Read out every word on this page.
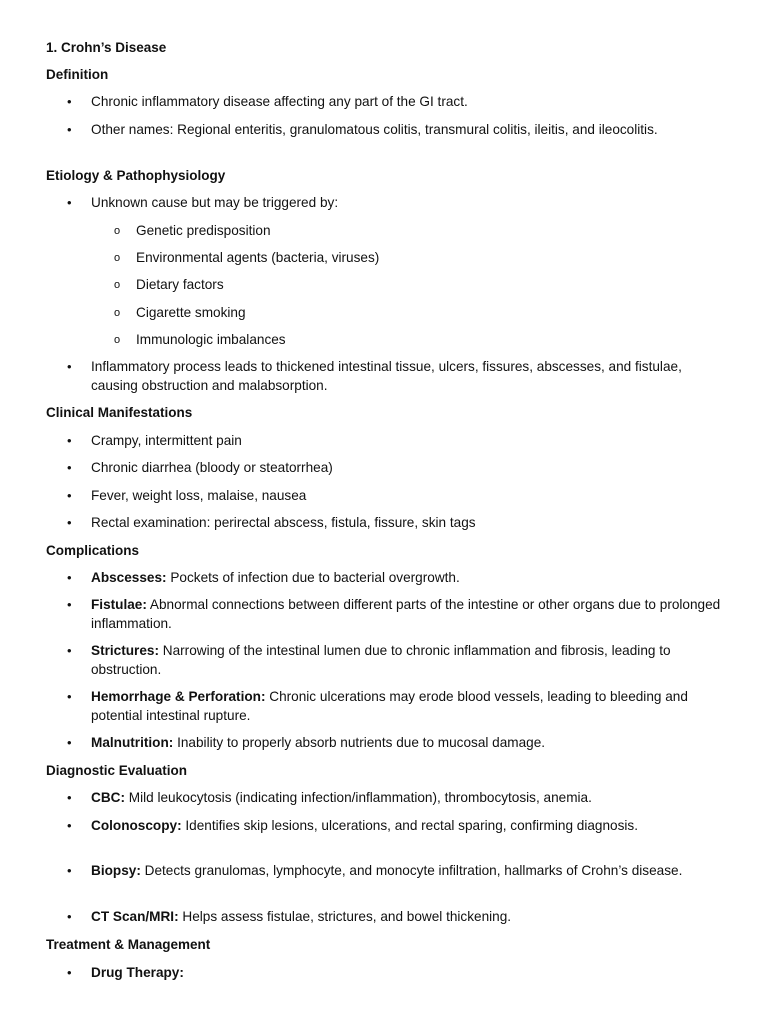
1. Crohn’s Disease
Definition
• Chronic inflammatory disease affecting any part of the GI tract.
• Other names: Regional enteritis, granulomatous colitis, transmural colitis, ileitis, and ileocolitis.
Etiology & Pathophysiology
• Unknown cause but may be triggered by:
o Genetic predisposition
o Environmental agents (bacteria, viruses)
o Dietary factors
o Cigarette smoking
o Immunologic imbalances
• Inflammatory process leads to thickened intestinal tissue, ulcers, fissures, abscesses, and fistulae, causing obstruction and malabsorption.
Clinical Manifestations
• Crampy, intermittent pain
• Chronic diarrhea (bloody or steatorrhea)
• Fever, weight loss, malaise, nausea
• Rectal examination: perirectal abscess, fistula, fissure, skin tags
Complications
• Abscesses: Pockets of infection due to bacterial overgrowth.
• Fistulae: Abnormal connections between different parts of the intestine or other organs due to prolonged inflammation.
• Strictures: Narrowing of the intestinal lumen due to chronic inflammation and fibrosis, leading to obstruction.
• Hemorrhage & Perforation: Chronic ulcerations may erode blood vessels, leading to bleeding and potential intestinal rupture.
• Malnutrition: Inability to properly absorb nutrients due to mucosal damage.
Diagnostic Evaluation
• CBC: Mild leukocytosis (indicating infection/inflammation), thrombocytosis, anemia.
• Colonoscopy: Identifies skip lesions, ulcerations, and rectal sparing, confirming diagnosis.
• Biopsy: Detects granulomas, lymphocyte, and monocyte infiltration, hallmarks of Crohn’s disease.
• CT Scan/MRI: Helps assess fistulae, strictures, and bowel thickening.
Treatment & Management
• Drug Therapy:
